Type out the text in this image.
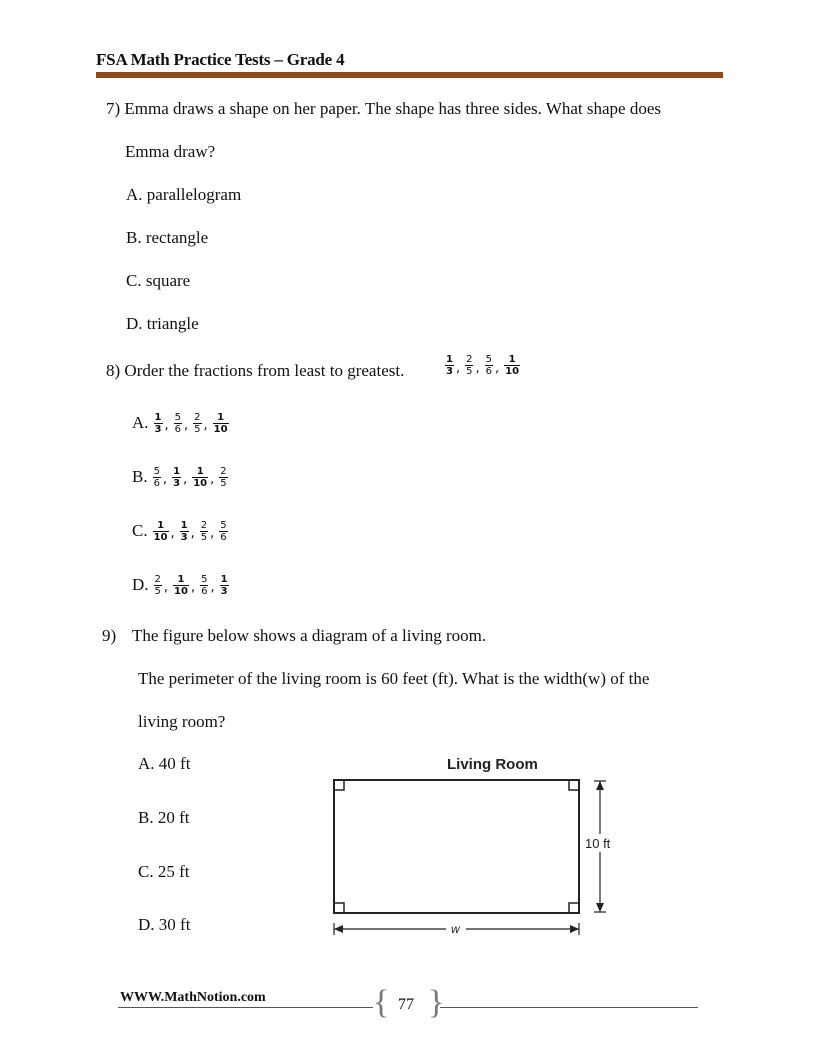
FSA Math Practice Tests – Grade 4
7) Emma draws a shape on her paper. The shape has three sides. What shape does
Emma draw?
A. parallelogram
B. rectangle
C. square
D. triangle
8) Order the fractions from least to greatest.	$\frac{1}{3}$ , $\frac{2}{5}$ , $\frac{5}{6}$ , $\frac{1}{10}$
A. $\frac{1}{3}$ , $\frac{5}{6}$ , $\frac{2}{5}$ , $\frac{1}{10}$
B. $\frac{5}{6}$ , $\frac{1}{3}$ , $\frac{1}{10}$ , $\frac{2}{5}$
C. $\frac{1}{10}$ , $\frac{1}{3}$ , $\frac{2}{5}$ , $\frac{5}{6}$
D. $\frac{2}{5}$ , $\frac{1}{10}$ , $\frac{5}{6}$ , $\frac{1}{3}$
9) The figure below shows a diagram of a living room.
The perimeter of the living room is 60 feet (ft). What is the width(w) of the
living room?
A. 40 ft
B. 20 ft
C. 25 ft
D. 30 ft
Living Room
10 ft
w
WWW.MathNotion.com	{ }
77
